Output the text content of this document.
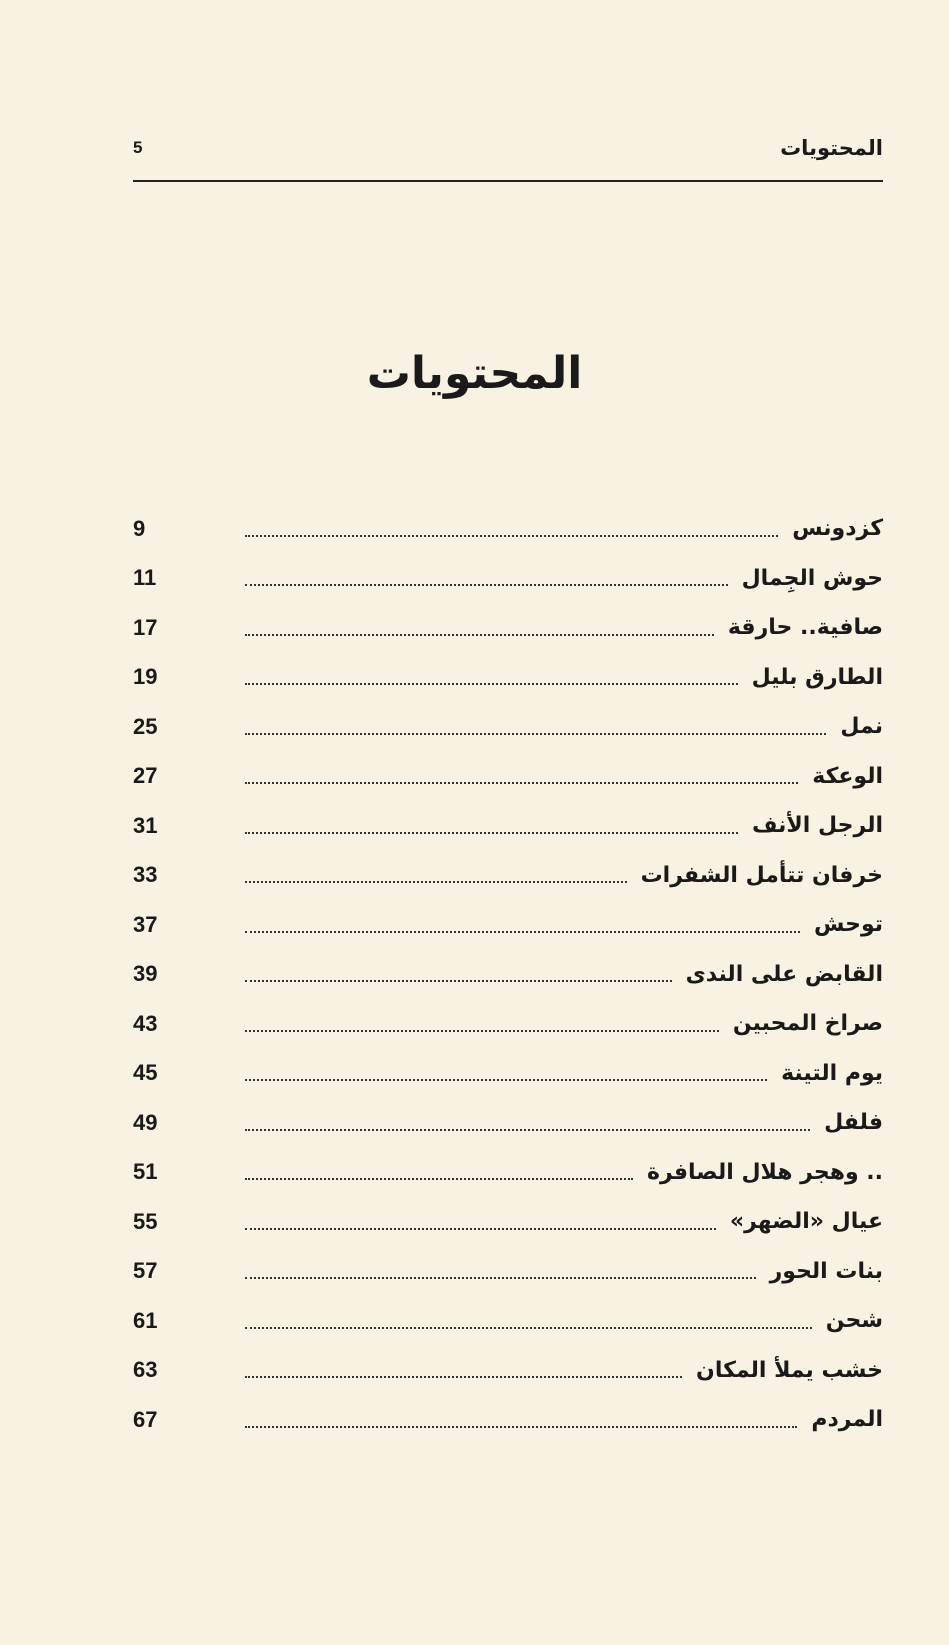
المحتويات
5
المحتويات
كزدونس
9
حوش الجِمال
11
صافية.. حارقة
17
الطارق بليل
19
نمل
25
الوعكة
27
الرجل الأنف
31
خرفان تتأمل الشفرات
33
توحش
37
القابض على الندى
39
صراخ المحبين
43
يوم التينة
45
فلفل
49
.. وهجر هلال الصافرة
51
عيال «الضهر»
55
بنات الحور
57
شحن
61
خشب يملأ المكان
63
المردم
67
